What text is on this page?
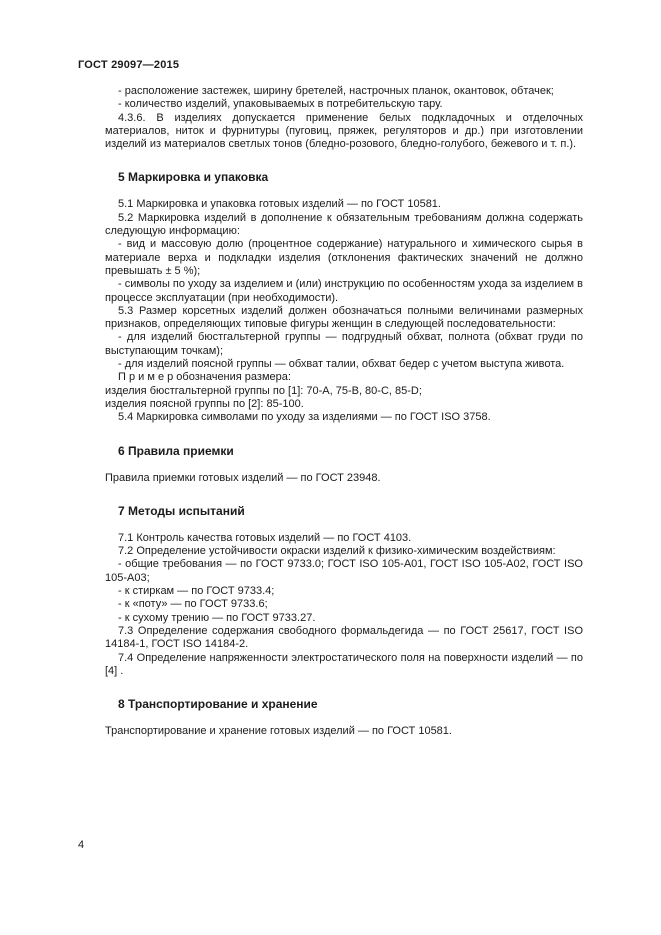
ГОСТ 29097—2015

- расположение застежек, ширину бретелей, настрочных планок, окантовок, обтачек;

- количество изделий, упаковываемых в потребительскую тару.

4.3.6. В изделиях допускается применение белых подкладочных и отделочных материалов, ниток и фурнитуры (пуговиц, пряжек, регуляторов и др.) при изготовлении изделий из материалов светлых тонов (бледно-розового, бледно-голубого, бежевого и т. п.).

5 Маркировка и упаковка

5.1 Маркировка и упаковка готовых изделий — по ГОСТ 10581.

5.2 Маркировка изделий в дополнение к обязательным требованиям должна содержать следующую информацию:

- вид и массовую долю (процентное содержание) натурального и химического сырья в материале верха и подкладки изделия (отклонения фактических значений не должно превышать ± 5 %);

- символы по уходу за изделием и (или) инструкцию по особенностям ухода за изделием в процессе эксплуатации (при необходимости).

5.3 Размер корсетных изделий должен обозначаться полными величинами размерных признаков, определяющих типовые фигуры женщин в следующей последовательности:

- для изделий бюстгальтерной группы — подгрудный обхват, полнота (обхват груди по выступающим точкам);

- для изделий поясной группы — обхват талии, обхват бедер с учетом выступа живота.

П р и м е р обозначения размера:

изделия бюстгальтерной группы по [1]: 70-A, 75-B, 80-C, 85-D;

изделия поясной группы по [2]: 85-100.

5.4 Маркировка символами по уходу за изделиями — по ГОСТ ISO 3758.

6 Правила приемки

Правила приемки готовых изделий — по ГОСТ 23948.

7 Методы испытаний

7.1 Контроль качества готовых изделий — по ГОСТ 4103.

7.2 Определение устойчивости окраски изделий к физико-химическим воздействиям:

- общие требования — по ГОСТ 9733.0; ГОСТ ISO 105-A01, ГОСТ ISO 105-A02, ГОСТ ISO 105-A03;

- к стиркам — по ГОСТ 9733.4;

- к «поту» — по ГОСТ 9733.6;

- к сухому трению — по ГОСТ 9733.27.

7.3 Определение содержания свободного формальдегида — по ГОСТ 25617, ГОСТ ISO 14184-1, ГОСТ ISO 14184-2.

7.4 Определение напряженности электростатического поля на поверхности изделий — по [4] .

8 Транспортирование и хранение

Транспортирование и хранение готовых изделий — по ГОСТ 10581.

4
